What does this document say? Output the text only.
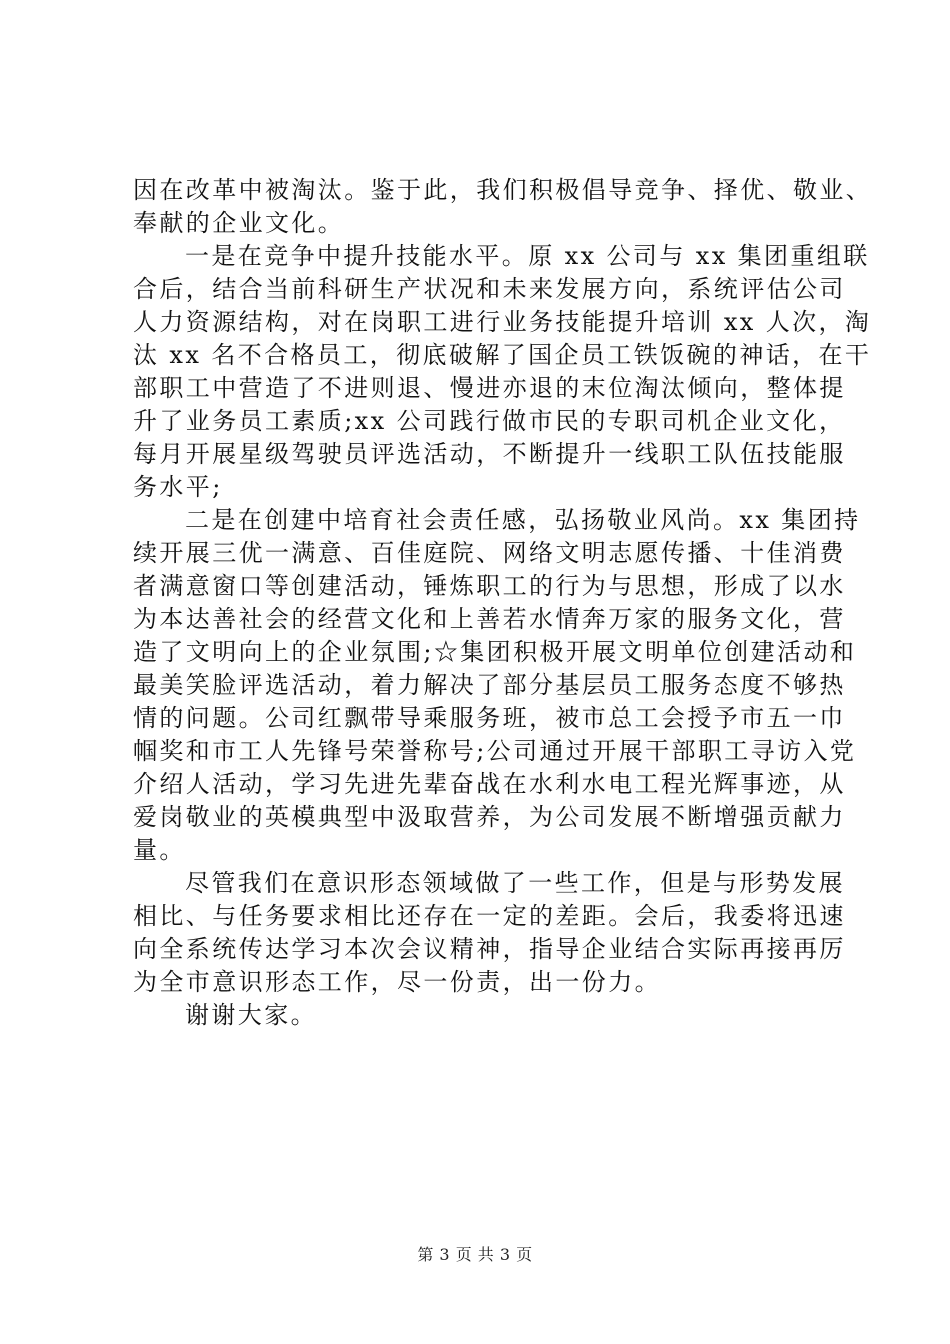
因在改革中被淘汰。鉴于此，我们积极倡导竞争、择优、敬业、
奉献的企业文化。
一是在竞争中提升技能水平。原 xx 公司与 xx 集团重组联
合后，结合当前科研生产状况和未来发展方向，系统评估公司
人力资源结构，对在岗职工进行业务技能提升培训 xx 人次，淘
汰 xx 名不合格员工，彻底破解了国企员工铁饭碗的神话，在干
部职工中营造了不进则退、慢进亦退的末位淘汰倾向，整体提
升了业务员工素质;xx 公司践行做市民的专职司机企业文化，
每月开展星级驾驶员评选活动，不断提升一线职工队伍技能服
务水平;
二是在创建中培育社会责任感，弘扬敬业风尚。xx 集团持
续开展三优一满意、百佳庭院、网络文明志愿传播、十佳消费
者满意窗口等创建活动，锤炼职工的行为与思想，形成了以水
为本达善社会的经营文化和上善若水情奔万家的服务文化，营
造了文明向上的企业氛围;☆集团积极开展文明单位创建活动和
最美笑脸评选活动，着力解决了部分基层员工服务态度不够热
情的问题。公司红飘带导乘服务班，被市总工会授予市五一巾
帼奖和市工人先锋号荣誉称号;公司通过开展干部职工寻访入党
介绍人活动，学习先进先辈奋战在水利水电工程光辉事迹，从
爱岗敬业的英模典型中汲取营养，为公司发展不断增强贡献力
量。
尽管我们在意识形态领域做了一些工作，但是与形势发展
相比、与任务要求相比还存在一定的差距。会后，我委将迅速
向全系统传达学习本次会议精神，指导企业结合实际再接再厉
为全市意识形态工作，尽一份责，出一份力。
谢谢大家。
第 3 页 共 3 页
